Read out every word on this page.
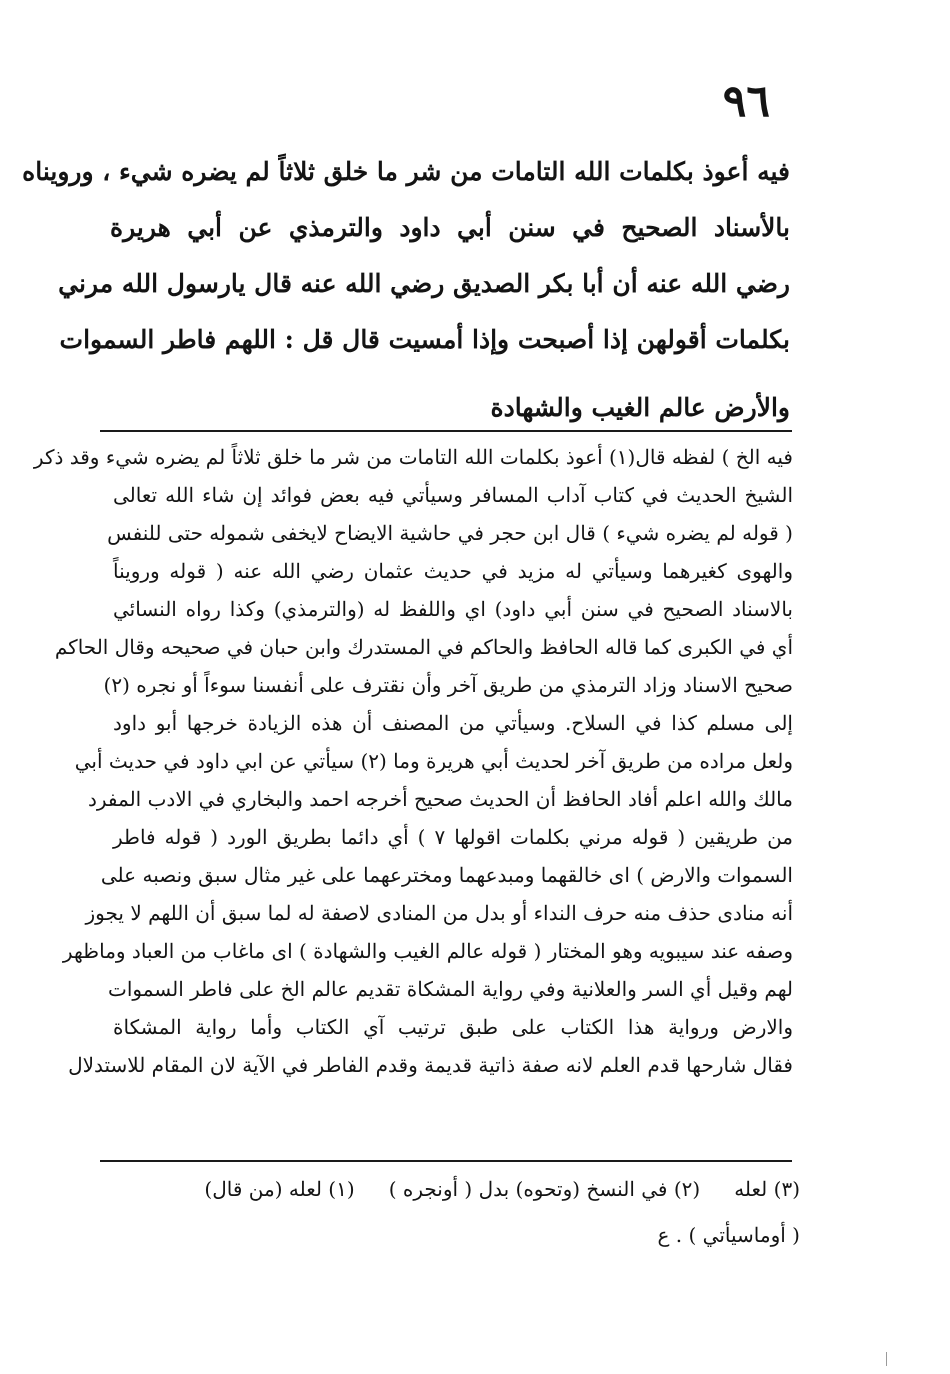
٩٦
فيه أعوذ بكلمات الله التامات من شر ما خلق ثلاثاً لم يضره شيء ، ورويناه
بالأسناد الصحيح في سنن أبي داود والترمذي عن أبي هريرة
رضي الله عنه أن أبا بكر الصديق رضي الله عنه قال يارسول الله مرني
بكلمات أقولهن إذا أصبحت وإذا أمسيت قال قل : اللهم فاطر السموات
والأرض عالم الغيب والشهادة
فيه الخ ) لفظه قال(١) أعوذ بكلمات الله التامات من شر ما خلق ثلاثاً لم يضره شيء وقد ذكر
الشيخ الحديث في كتاب آداب المسافر وسيأتي فيه بعض فوائد إن شاء الله تعالى
( قوله لم يضره شيء ) قال ابن حجر في حاشية الايضاح لايخفى شموله حتى للنفس
والهوى كغيرهما وسيأتي له مزيد في حديث عثمان رضي الله عنه ( قوله ورويناً
بالاسناد الصحيح في سنن أبي داود) اي واللفظ له (والترمذي) وكذا رواه النسائي
أي في الكبرى كما قاله الحافظ والحاكم في المستدرك وابن حبان في صحيحه وقال الحاكم
صحيح الاسناد وزاد الترمذي من طريق آخر وأن نقترف على أنفسنا سوءاً أو نجره (٢)
إلى مسلم كذا في السلاح. وسيأتي من المصنف أن هذه الزيادة خرجها أبو داود
ولعل مراده من طريق آخر لحديث أبي هريرة وما (٢) سيأتي عن ابي داود في حديث أبي
مالك والله اعلم أفاد الحافظ أن الحديث صحيح أخرجه احمد والبخاري في الادب المفرد
من طريقين ( قوله مرني بكلمات اقولها ٧ ) أي دائما بطريق الورد ( قوله فاطر
السموات والارض ) اى خالقهما ومبدعهما ومخترعهما على غير مثال سبق ونصبه على
أنه منادى حذف منه حرف النداء أو بدل من المنادى لاصفة له لما سبق أن اللهم لا يجوز
وصفه عند سيبويه وهو المختار ( قوله عالم الغيب والشهادة ) اى ماغاب من العباد وماظهر
لهم وقيل أي السر والعلانية وفي رواية المشكاة تقديم عالم الخ على فاطر السموات
والارض ورواية هذا الكتاب على طبق ترتيب آي الكتاب وأما رواية المشكاة
فقال شارحها قدم العلم لانه صفة ذاتية قديمة وقدم الفاطر في الآية لان المقام للاستدلال
(١) لعله (من قال) (٢) في النسخ (وتحوه) بدل ( أونجره ) (٣) لعله
( أوماسيأتي ) . ع
